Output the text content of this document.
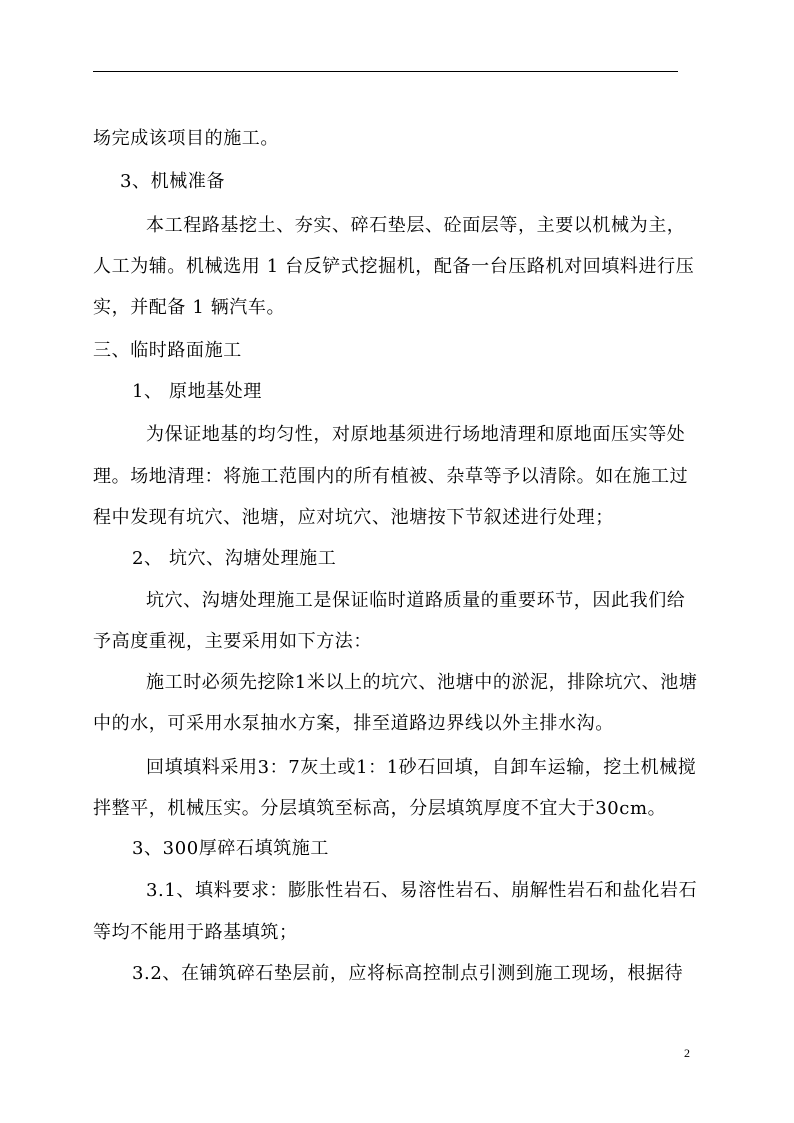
场完成该项目的施工。
3、机械准备
本工程路基挖土、夯实、碎石垫层、砼面层等，主要以机械为主，
人工为辅。机械选用 1 台反铲式挖掘机，配备一台压路机对回填料进行压
实，并配备 1 辆汽车。
三、临时路面施工
1、 原地基处理
为保证地基的均匀性，对原地基须进行场地清理和原地面压实等处
理。场地清理：将施工范围内的所有植被、杂草等予以清除。如在施工过
程中发现有坑穴、池塘，应对坑穴、池塘按下节叙述进行处理；
2、 坑穴、沟塘处理施工
坑穴、沟塘处理施工是保证临时道路质量的重要环节，因此我们给
予高度重视，主要采用如下方法：
施工时必须先挖除1米以上的坑穴、池塘中的淤泥，排除坑穴、池塘
中的水，可采用水泵抽水方案，排至道路边界线以外主排水沟。
回填填料采用3：7灰土或1：1砂石回填，自卸车运输，挖土机械搅
拌整平，机械压实。分层填筑至标高，分层填筑厚度不宜大于30cm。
3、300厚碎石填筑施工
3.1、填料要求：膨胀性岩石、易溶性岩石、崩解性岩石和盐化岩石
等均不能用于路基填筑；
3.2、在铺筑碎石垫层前，应将标高控制点引测到施工现场，根据待
2
